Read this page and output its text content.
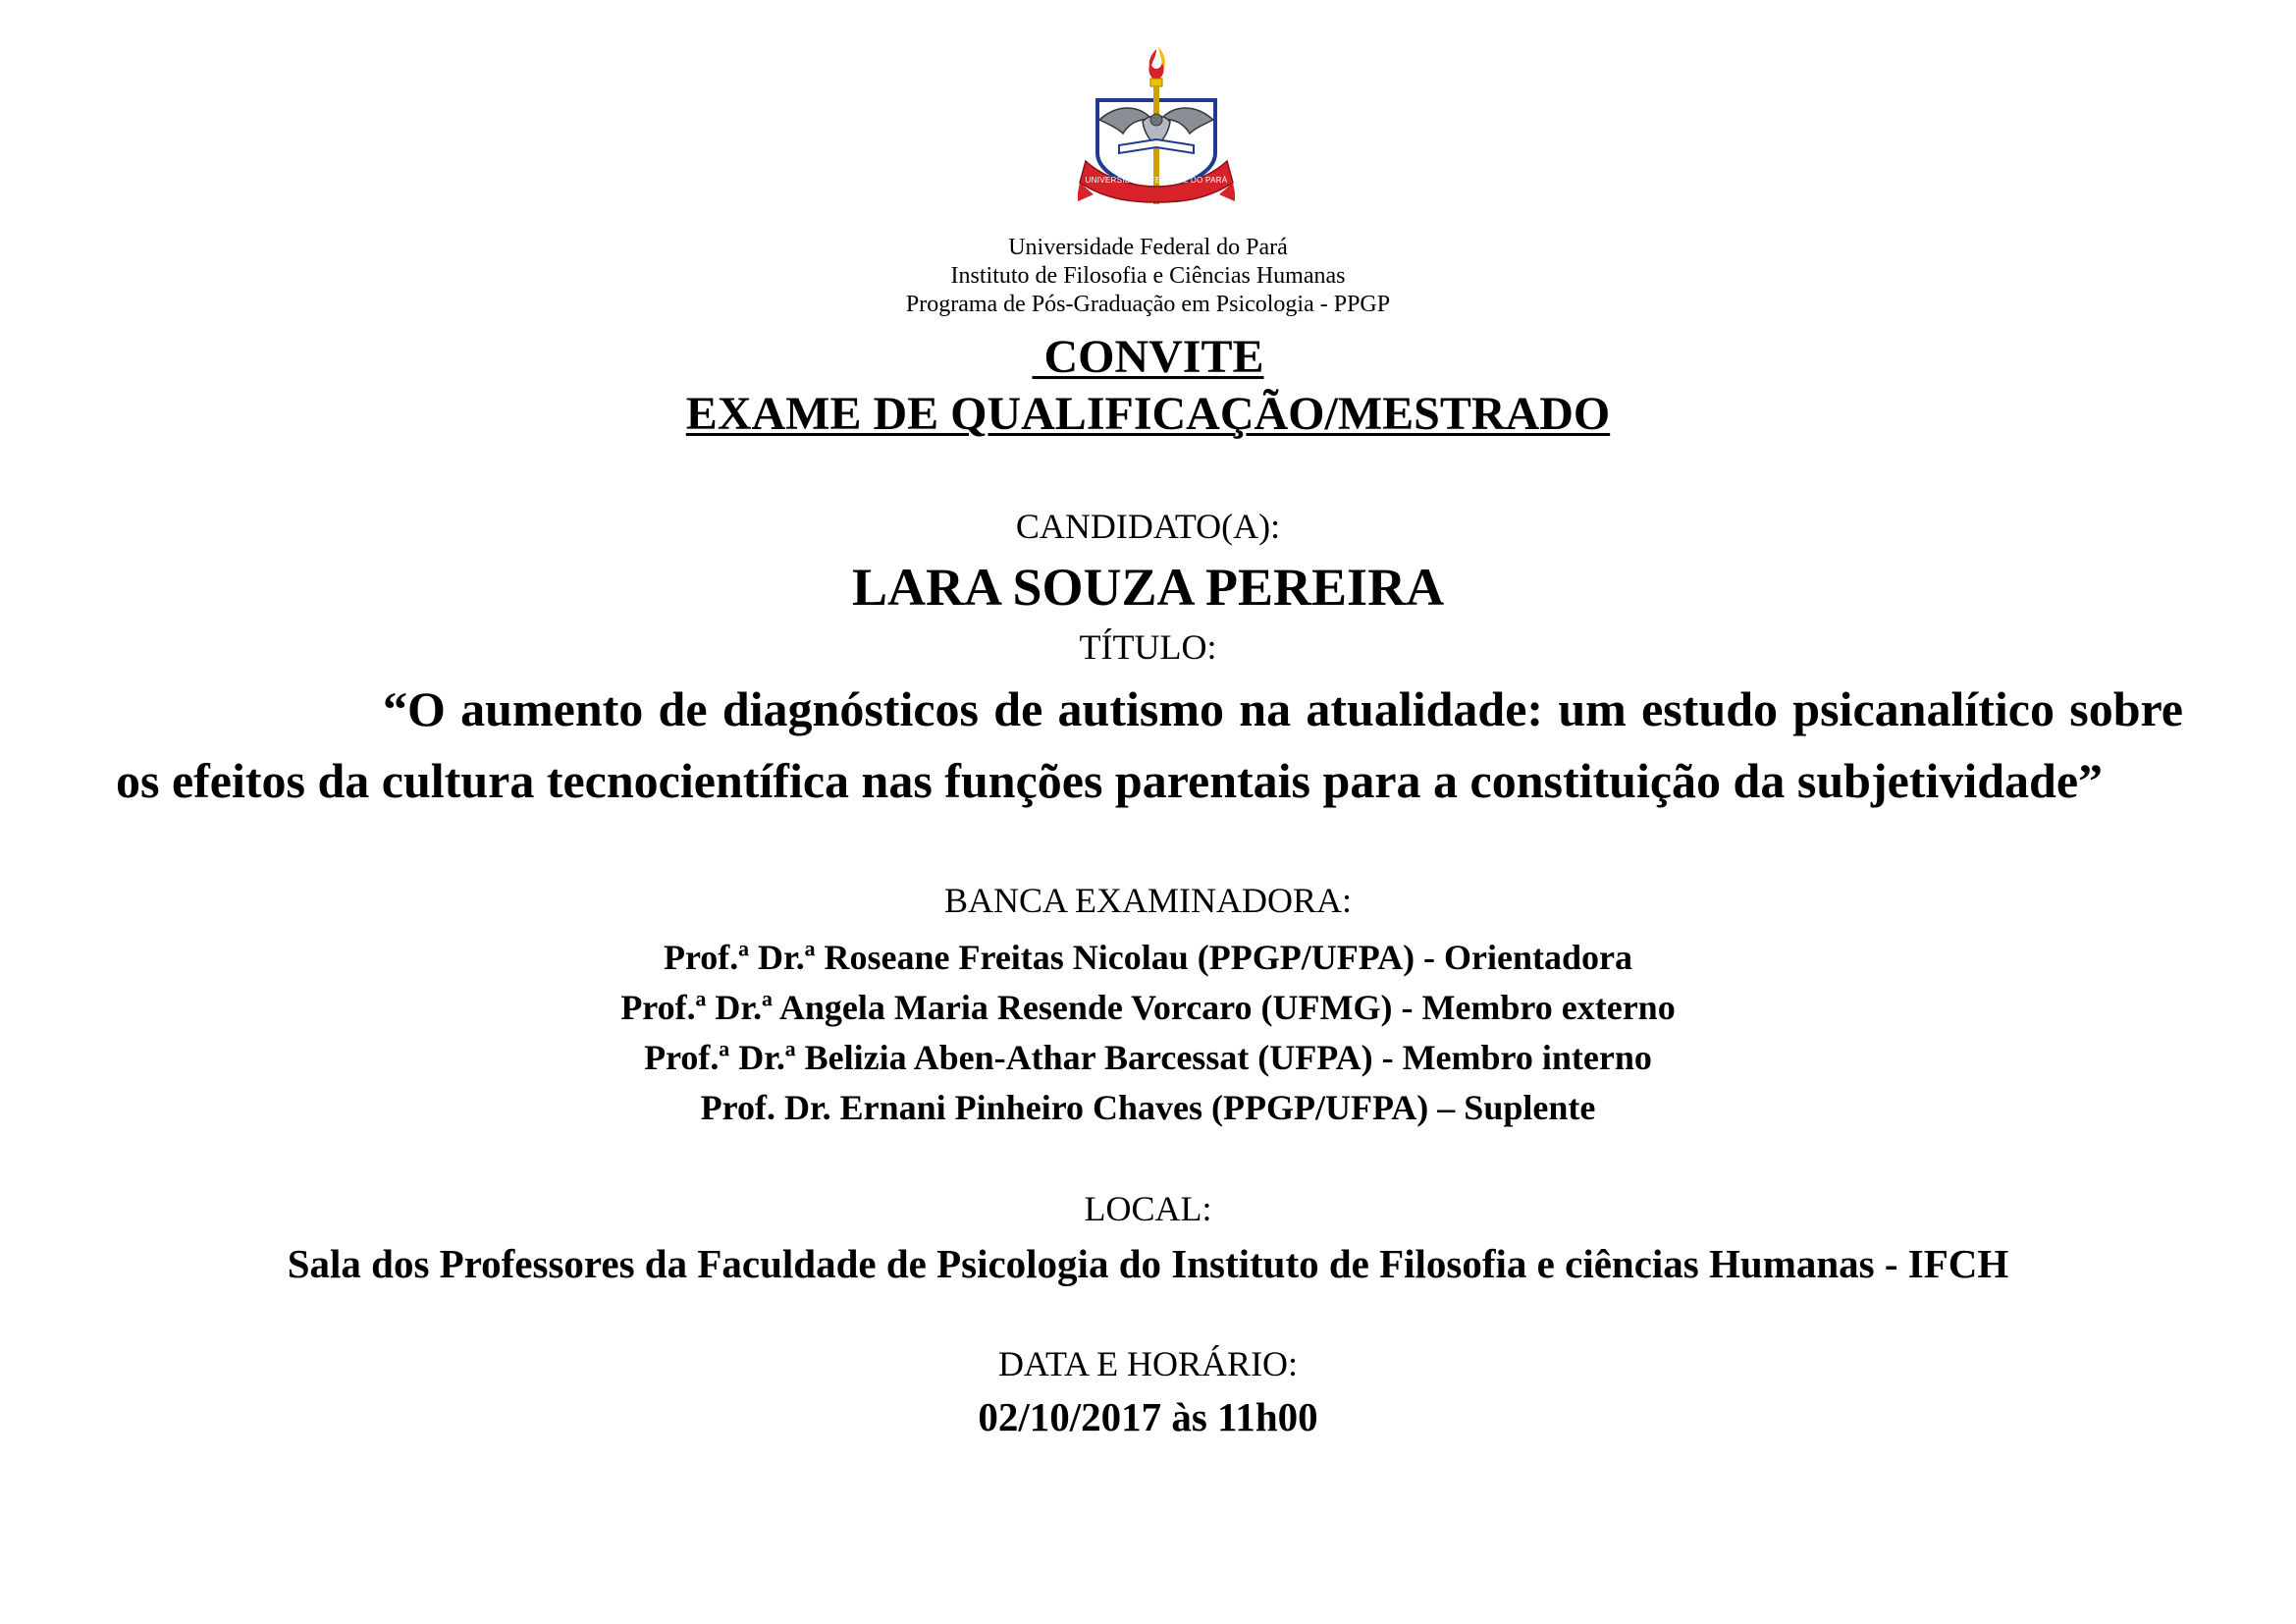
UNIVERSIDADE FEDERAL DO PARÁ
Universidade Federal do Pará
Instituto de Filosofia e Ciências Humanas
Programa de Pós-Graduação em Psicologia - PPGP
CONVITE
EXAME DE QUALIFICAÇÃO/MESTRADO
CANDIDATO(A):
LARA SOUZA PEREIRA
TÍTULO:
“O aumento de diagnósticos de autismo na atualidade: um estudo psicanalítico sobre os efeitos da cultura tecnocientífica nas funções parentais para a constituição da subjetividade”
BANCA EXAMINADORA:
Prof.ª Dr.ª Roseane Freitas Nicolau (PPGP/UFPA) - Orientadora
Prof.ª Dr.ª Angela Maria Resende Vorcaro (UFMG) - Membro externo
Prof.ª Dr.ª Belizia Aben-Athar Barcessat (UFPA) - Membro interno
Prof. Dr. Ernani Pinheiro Chaves (PPGP/UFPA) – Suplente
LOCAL:
Sala dos Professores da Faculdade de Psicologia do Instituto de Filosofia e ciências Humanas - IFCH
DATA E HORÁRIO:
02/10/2017 às 11h00
